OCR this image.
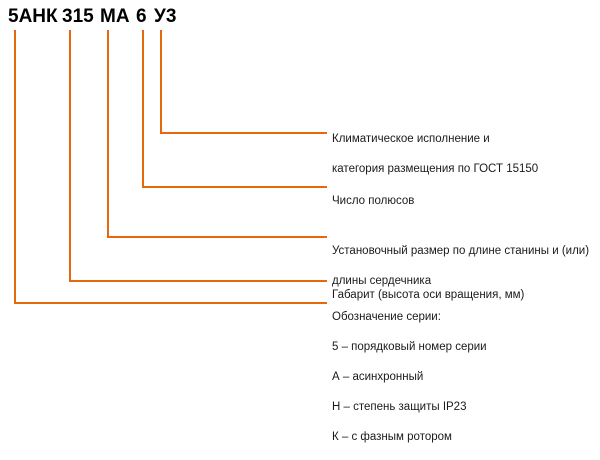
5АНК 315 МА 6 У3

Климатическое исполнение и

категория размещения по ГОСТ 15150

Число полюсов

Установочный размер по длине станины и (или)

длины сердечника

Габарит (высота оси вращения, мм)

Обозначение серии:

5 – порядковый номер серии

А – асинхронный

Н – степень защиты IP23

К – с фазным ротором
